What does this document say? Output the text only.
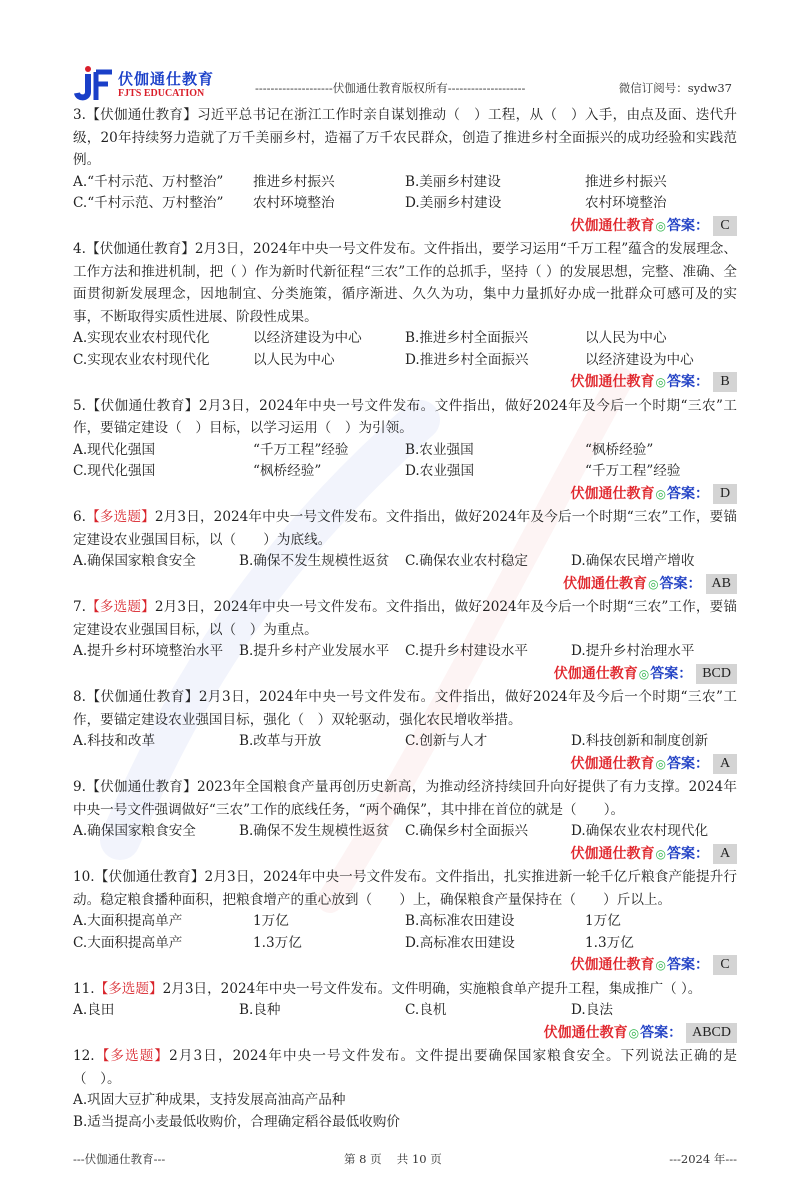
伏伽通仕教育
FJTS EDUCATION	--------------------伏伽通仕教育版权所有--------------------	微信订阅号：sydw37
3.【伏伽通仕教育】习近平总书记在浙江工作时亲自谋划推动（　）工程，从（　）入手，由点及面、迭代升级，20年持续努力造就了万千美丽乡村，造福了万千农民群众，创造了推进乡村全面振兴的成功经验和实践范例。
A.“千村示范、万村整治”	推进乡村振兴	B.美丽乡村建设	推进乡村振兴
C.“千村示范、万村整治”	农村环境整治	D.美丽乡村建设	农村环境整治
伏伽通仕教育 ◎ 答案： C
4.【伏伽通仕教育】2月3日，2024年中央一号文件发布。文件指出，要学习运用“千万工程”蕴含的发展理念、工作方法和推进机制，把（ ）作为新时代新征程“三农”工作的总抓手，坚持（ ）的发展思想，完整、准确、全面贯彻新发展理念，因地制宜、分类施策，循序渐进、久久为功，集中力量抓好办成一批群众可感可及的实事，不断取得实质性进展、阶段性成果。
A.实现农业农村现代化	以经济建设为中心	B.推进乡村全面振兴	以人民为中心
C.实现农业农村现代化	以人民为中心	D.推进乡村全面振兴	以经济建设为中心
伏伽通仕教育 ◎ 答案： B
5.【伏伽通仕教育】2月3日，2024年中央一号文件发布。文件指出，做好2024年及今后一个时期“三农”工作，要锚定建设（　）目标，以学习运用（　）为引领。
A.现代化强国	“千万工程”经验	B.农业强国	“枫桥经验”
C.现代化强国	“枫桥经验”	D.农业强国	“千万工程”经验
伏伽通仕教育 ◎ 答案： D
6.【多选题】2月3日，2024年中央一号文件发布。文件指出，做好2024年及今后一个时期“三农”工作，要锚定建设农业强国目标，以（　　）为底线。
A.确保国家粮食安全	B.确保不发生规模性返贫	C.确保农业农村稳定	D.确保农民增产增收
伏伽通仕教育 ◎ 答案： AB
7.【多选题】2月3日，2024年中央一号文件发布。文件指出，做好2024年及今后一个时期“三农”工作，要锚定建设农业强国目标，以（　）为重点。
A.提升乡村环境整治水平	B.提升乡村产业发展水平	C.提升乡村建设水平	D.提升乡村治理水平
伏伽通仕教育 ◎ 答案： BCD
8.【伏伽通仕教育】2月3日，2024年中央一号文件发布。文件指出，做好2024年及今后一个时期“三农”工作，要锚定建设农业强国目标，强化（　）双轮驱动，强化农民增收举措。
A.科技和改革	B.改革与开放	C.创新与人才	D.科技创新和制度创新
伏伽通仕教育 ◎ 答案： A
9.【伏伽通仕教育】2023年全国粮食产量再创历史新高，为推动经济持续回升向好提供了有力支撑。2024年中央一号文件强调做好“三农”工作的底线任务，“两个确保”，其中排在首位的就是（　　）。
A.确保国家粮食安全	B.确保不发生规模性返贫	C.确保乡村全面振兴	D.确保农业农村现代化
伏伽通仕教育 ◎ 答案： A
10.【伏伽通仕教育】2月3日，2024年中央一号文件发布。文件指出，扎实推进新一轮千亿斤粮食产能提升行动。稳定粮食播种面积，把粮食增产的重心放到（　　）上，确保粮食产量保持在（　　）斤以上。
A.大面积提高单产	1万亿	B.高标准农田建设	1万亿
C.大面积提高单产	1.3万亿	D.高标准农田建设	1.3万亿
伏伽通仕教育 ◎ 答案： C
11.【多选题】2月3日，2024年中央一号文件发布。文件明确，实施粮食单产提升工程，集成推广（ ）。
A.良田	B.良种	C.良机	D.良法
伏伽通仕教育 ◎ 答案： ABCD
12.【多选题】2月3日，2024年中央一号文件发布。文件提出要确保国家粮食安全。下列说法正确的是（　）。
A.巩固大豆扩种成果，支持发展高油高产品种
B.适当提高小麦最低收购价，合理确定稻谷最低收购价
---伏伽通仕教育---	第 8 页　 共 10 页	---2024 年---
